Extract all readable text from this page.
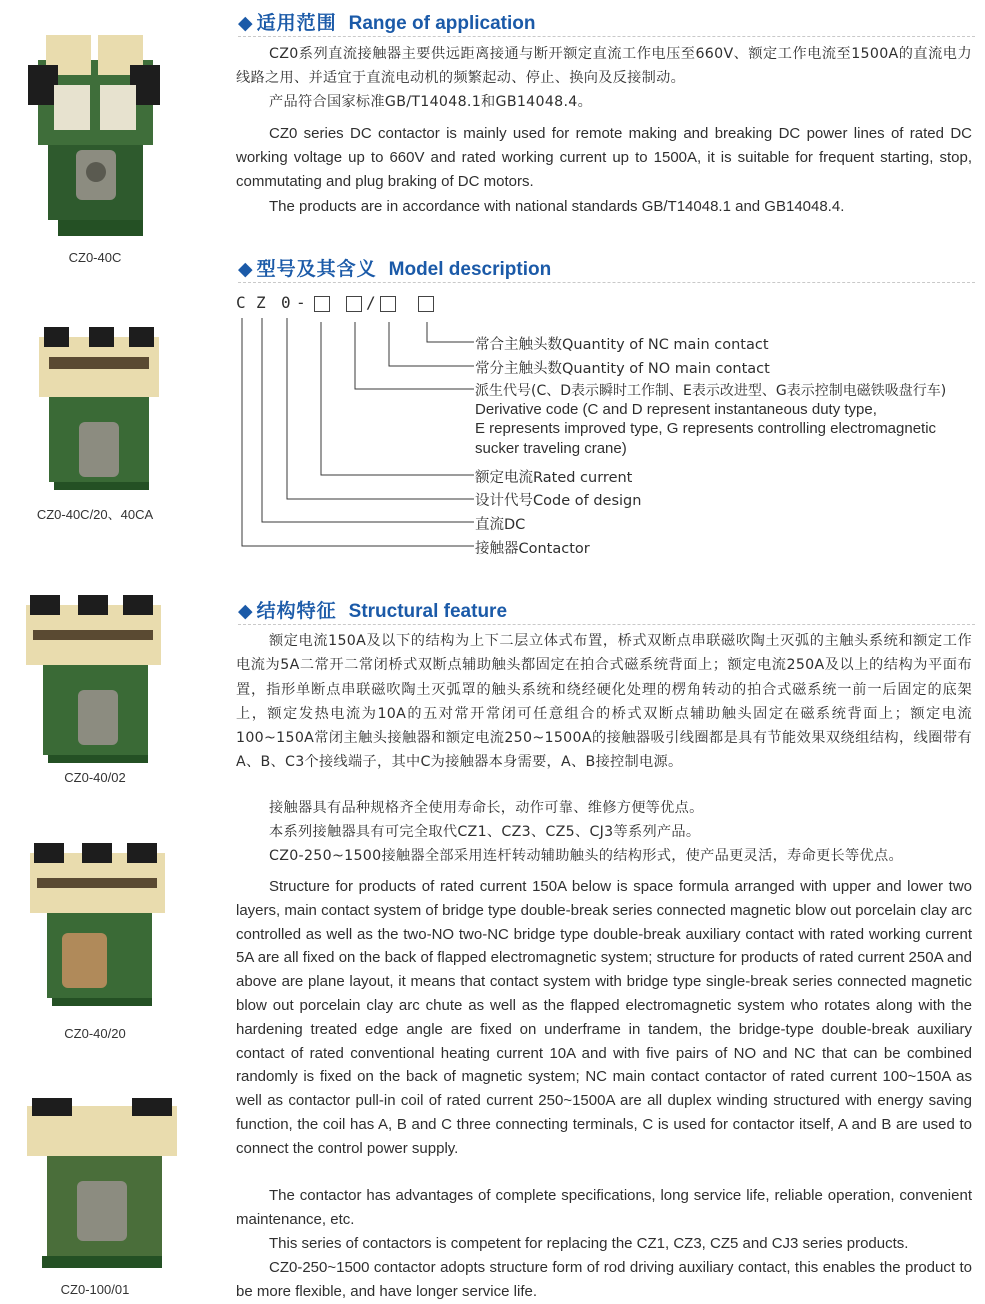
CZ0-40C
CZ0-40C/20、40CA
CZ0-40/02
CZ0-40/20
CZ0-100/01
◆ 适用范围 Range of application

CZ0系列直流接触器主要供远距离接通与断开额定直流工作电压至660V、额定工作电流至1500A的直流电力线路之用、并适宜于直流电动机的频繁起动、停止、换向及反接制动。

产品符合国家标准GB/T14048.1和GB14048.4。

CZ0 series DC contactor is mainly used for remote making and breaking DC power lines of rated DC working voltage up to 660V and rated working current up to 1500A, it is suitable for frequent starting, stop, commutating and plug braking of DC motors.

The products are in accordance with national standards GB/T14048.1 and GB14048.4.

◆ 型号及其含义 Model description
C Z 0 -	/
常合主触头数Quantity of NC main contact
常分主触头数Quantity of NO main contact
派生代号(C、D表示瞬时工作制、E表示改进型、G表示控制电磁铁吸盘行车)
Derivative code (C and D represent instantaneous duty type,
E represents improved type, G represents controlling electromagnetic
sucker traveling crane)
额定电流Rated current
设计代号Code of design
直流DC
接触器Contactor
◆ 结构特征 Structural feature

额定电流150A及以下的结构为上下二层立体式布置，桥式双断点串联磁吹陶土灭弧的主触头系统和额定工作电流为5A二常开二常闭桥式双断点辅助触头都固定在拍合式磁系统背面上；额定电流250A及以上的结构为平面布置，指形单断点串联磁吹陶土灭弧罩的触头系统和绕经硬化处理的楞角转动的拍合式磁系统一前一后固定的底架上，额定发热电流为10A的五对常开常闭可任意组合的桥式双断点辅助触头固定在磁系统背面上；额定电流100~150A常闭主触头接触器和额定电流250~1500A的接触器吸引线圈都是具有节能效果双绕组结构，线圈带有A、B、C3个接线端子，其中C为接触器本身需要，A、B接控制电源。

接触器具有品种规格齐全使用寿命长，动作可靠、维修方便等优点。

本系列接触器具有可完全取代CZ1、CZ3、CZ5、CJ3等系列产品。

CZ0-250~1500接触器全部采用连杆转动辅助触头的结构形式，使产品更灵活，寿命更长等优点。

Structure for products of rated current 150A below is space formula arranged with upper and lower two layers, main contact system of bridge type double-break series connected magnetic blow out porcelain clay arc controlled as well as the two-NO two-NC bridge type double-break auxiliary contact with rated working current 5A are all fixed on the back of flapped electromagnetic system; structure for products of rated current 250A and above are plane layout, it means that contact system with bridge type single-break series connected magnetic blow out porcelain clay arc chute as well as the flapped electromagnetic system who rotates along with the hardening treated edge angle are fixed on underframe in tandem, the bridge-type double-break auxiliary contact of rated conventional heating current 10A and with five pairs of NO and NC that can be combined randomly is fixed on the back of magnetic system; NC main contact contactor of rated current 100~150A as well as contactor pull-in coil of rated current 250~1500A are all duplex winding structured with energy saving function, the coil has A, B and C three connecting terminals, C is used for contactor itself, A and B are used to connect the control power supply.

The contactor has advantages of complete specifications, long service life, reliable operation, convenient maintenance, etc.

This series of contactors is competent for replacing the CZ1, CZ3, CZ5 and CJ3 series products.

CZ0-250~1500 contactor adopts structure form of rod driving auxiliary contact, this enables the product to be more flexible, and have longer service life.
